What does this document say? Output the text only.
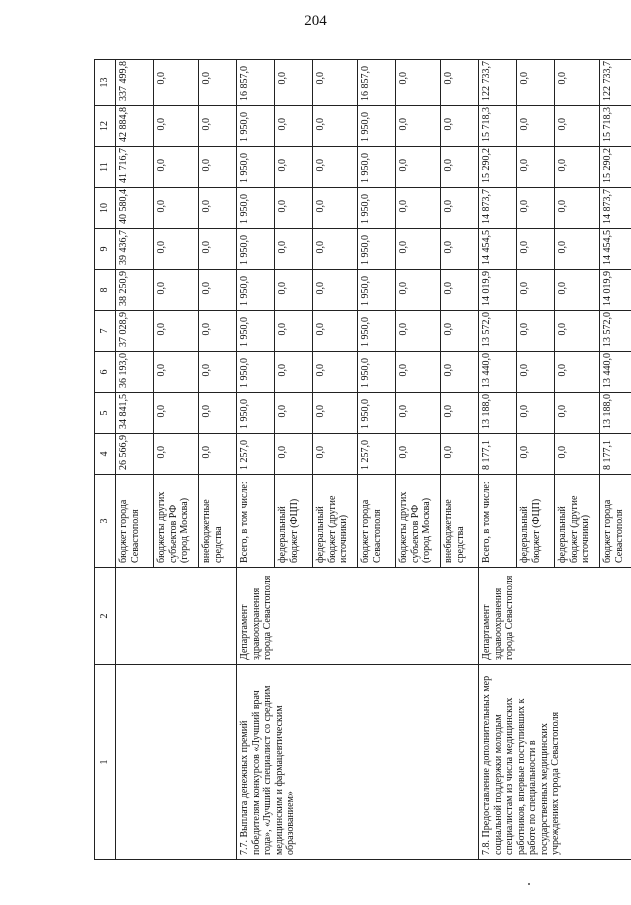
204
1	2	3	4	5	6	7	8	9	10	11	12	13
		бюджет города Севастополя	26 566,9	34 841,5	36 193,0	37 028,9	38 250,9	39 436,7	40 580,4	41 716,7	42 884,8	337 499,8
		бюджеты других субъектов РФ (город Москва)	0,0	0,0	0,0	0,0	0,0	0,0	0,0	0,0	0,0	0,0
		внебюджетные средства	0,0	0,0	0,0	0,0	0,0	0,0	0,0	0,0	0,0	0,0
7.7. Выплата денежных премий победителям конкурсов «Лучший врач года», «Лучший специалист со средним медицинским и фармацевтическим образованием»	Департамент здравоохранения города Севастополя	Всего, в том числе:	1 257,0	1 950,0	1 950,0	1 950,0	1 950,0	1 950,0	1 950,0	1 950,0	1 950,0	16 857,0
		федеральный бюджет (ФЦП)	0,0	0,0	0,0	0,0	0,0	0,0	0,0	0,0	0,0	0,0
		федеральный бюджет (другие источники)	0,0	0,0	0,0	0,0	0,0	0,0	0,0	0,0	0,0	0,0
		бюджет города Севастополя	1 257,0	1 950,0	1 950,0	1 950,0	1 950,0	1 950,0	1 950,0	1 950,0	1 950,0	16 857,0
		бюджеты других субъектов РФ (город Москва)	0,0	0,0	0,0	0,0	0,0	0,0	0,0	0,0	0,0	0,0
		внебюджетные средства	0,0	0,0	0,0	0,0	0,0	0,0	0,0	0,0	0,0	0,0
7.8. Предоставление дополнительных мер социальной поддержки молодым специалистам из числа медицинских работников, впервые поступивших к работе по специальности в государственных медицинских учреждениях города Севастополя	Департамент здравоохранения города Севастополя	Всего, в том числе:	8 177,1	13 188,0	13 440,0	13 572,0	14 019,9	14 454,5	14 873,7	15 290,2	15 718,3	122 733,7
		федеральный бюджет (ФЦП)	0,0	0,0	0,0	0,0	0,0	0,0	0,0	0,0	0,0	0,0
		федеральный бюджет (другие источники)	0,0	0,0	0,0	0,0	0,0	0,0	0,0	0,0	0,0	0,0
		бюджет города Севастополя	8 177,1	13 188,0	13 440,0	13 572,0	14 019,9	14 454,5	14 873,7	15 290,2	15 718,3	122 733,7
